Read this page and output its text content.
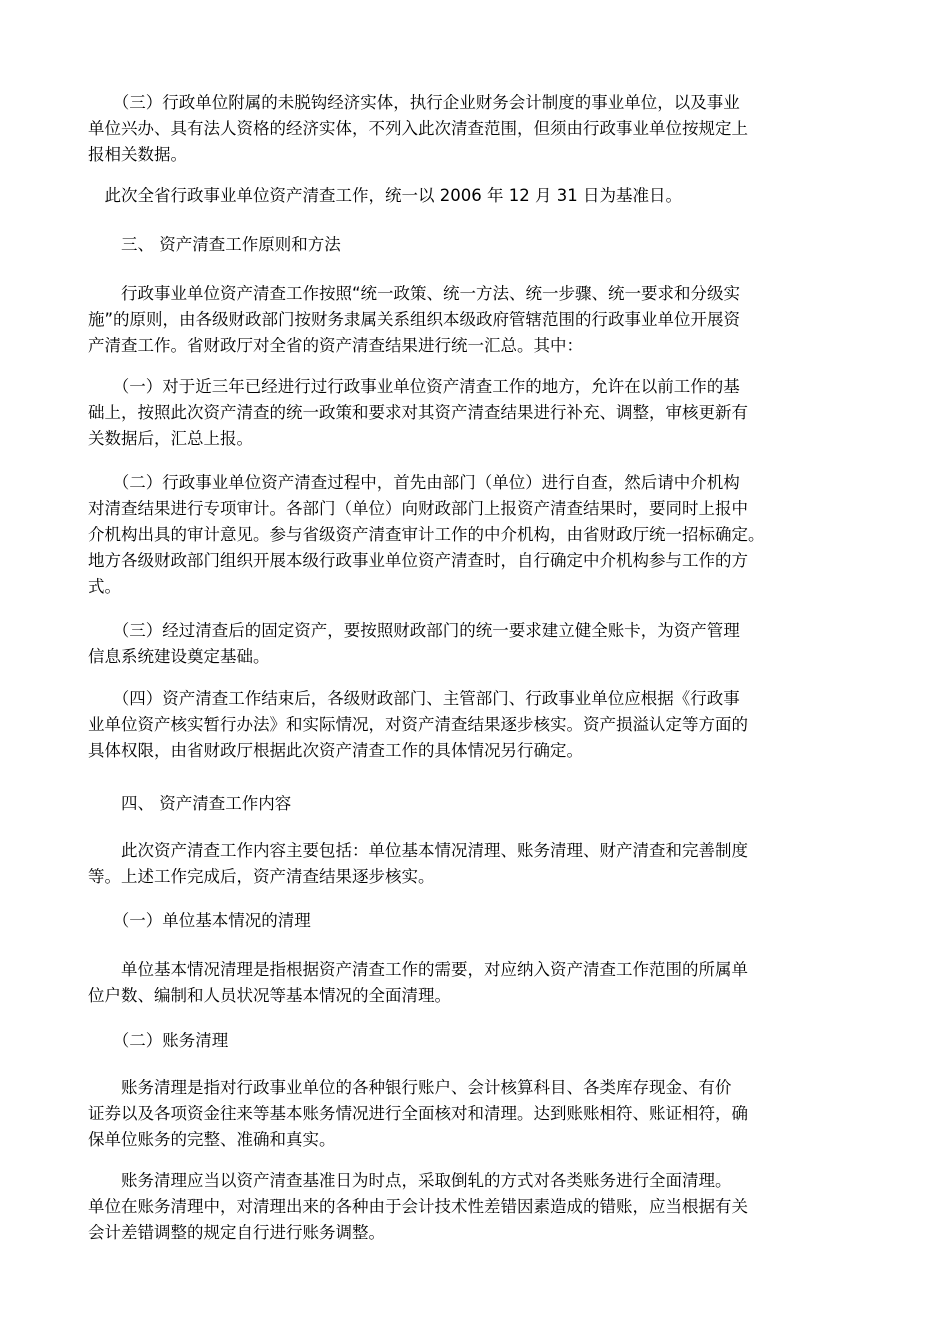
　　（三）行政单位附属的未脱钩经济实体，执行企业财务会计制度的事业单位，以及事业
单位兴办、具有法人资格的经济实体，不列入此次清查范围，但须由行政事业单位按规定上
报相关数据。

　此次全省行政事业单位资产清查工作，统一以 2006 年 12 月 31 日为基准日。

　　三、 资产清查工作原则和方法

　　行政事业单位资产清查工作按照“统一政策、统一方法、统一步骤、统一要求和分级实
施”的原则，由各级财政部门按财务隶属关系组织本级政府管辖范围的行政事业单位开展资
产清查工作。省财政厅对全省的资产清查结果进行统一汇总。其中：

　　（一）对于近三年已经进行过行政事业单位资产清查工作的地方，允许在以前工作的基
础上，按照此次资产清查的统一政策和要求对其资产清查结果进行补充、调整，审核更新有
关数据后，汇总上报。

　　（二）行政事业单位资产清查过程中，首先由部门（单位）进行自查，然后请中介机构
对清查结果进行专项审计。各部门（单位）向财政部门上报资产清查结果时，要同时上报中
介机构出具的审计意见。参与省级资产清查审计工作的中介机构，由省财政厅统一招标确定。
地方各级财政部门组织开展本级行政事业单位资产清查时，自行确定中介机构参与工作的方
式。

　　（三）经过清查后的固定资产，要按照财政部门的统一要求建立健全账卡，为资产管理
信息系统建设奠定基础。

　　（四）资产清查工作结束后，各级财政部门、主管部门、行政事业单位应根据《行政事
业单位资产核实暂行办法》和实际情况，对资产清查结果逐步核实。资产损溢认定等方面的
具体权限，由省财政厅根据此次资产清查工作的具体情况另行确定。

　　四、 资产清查工作内容

　　此次资产清查工作内容主要包括：单位基本情况清理、账务清理、财产清查和完善制度
等。上述工作完成后，资产清查结果逐步核实。

　　（一）单位基本情况的清理

　　单位基本情况清理是指根据资产清查工作的需要，对应纳入资产清查工作范围的所属单
位户数、编制和人员状况等基本情况的全面清理。

　　（二）账务清理

　　账务清理是指对行政事业单位的各种银行账户、会计核算科目、各类库存现金、有价
证券以及各项资金往来等基本账务情况进行全面核对和清理。达到账账相符、账证相符，确
保单位账务的完整、准确和真实。

　　账务清理应当以资产清查基准日为时点，采取倒轧的方式对各类账务进行全面清理。
单位在账务清理中，对清理出来的各种由于会计技术性差错因素造成的错账，应当根据有关
会计差错调整的规定自行进行账务调整。
